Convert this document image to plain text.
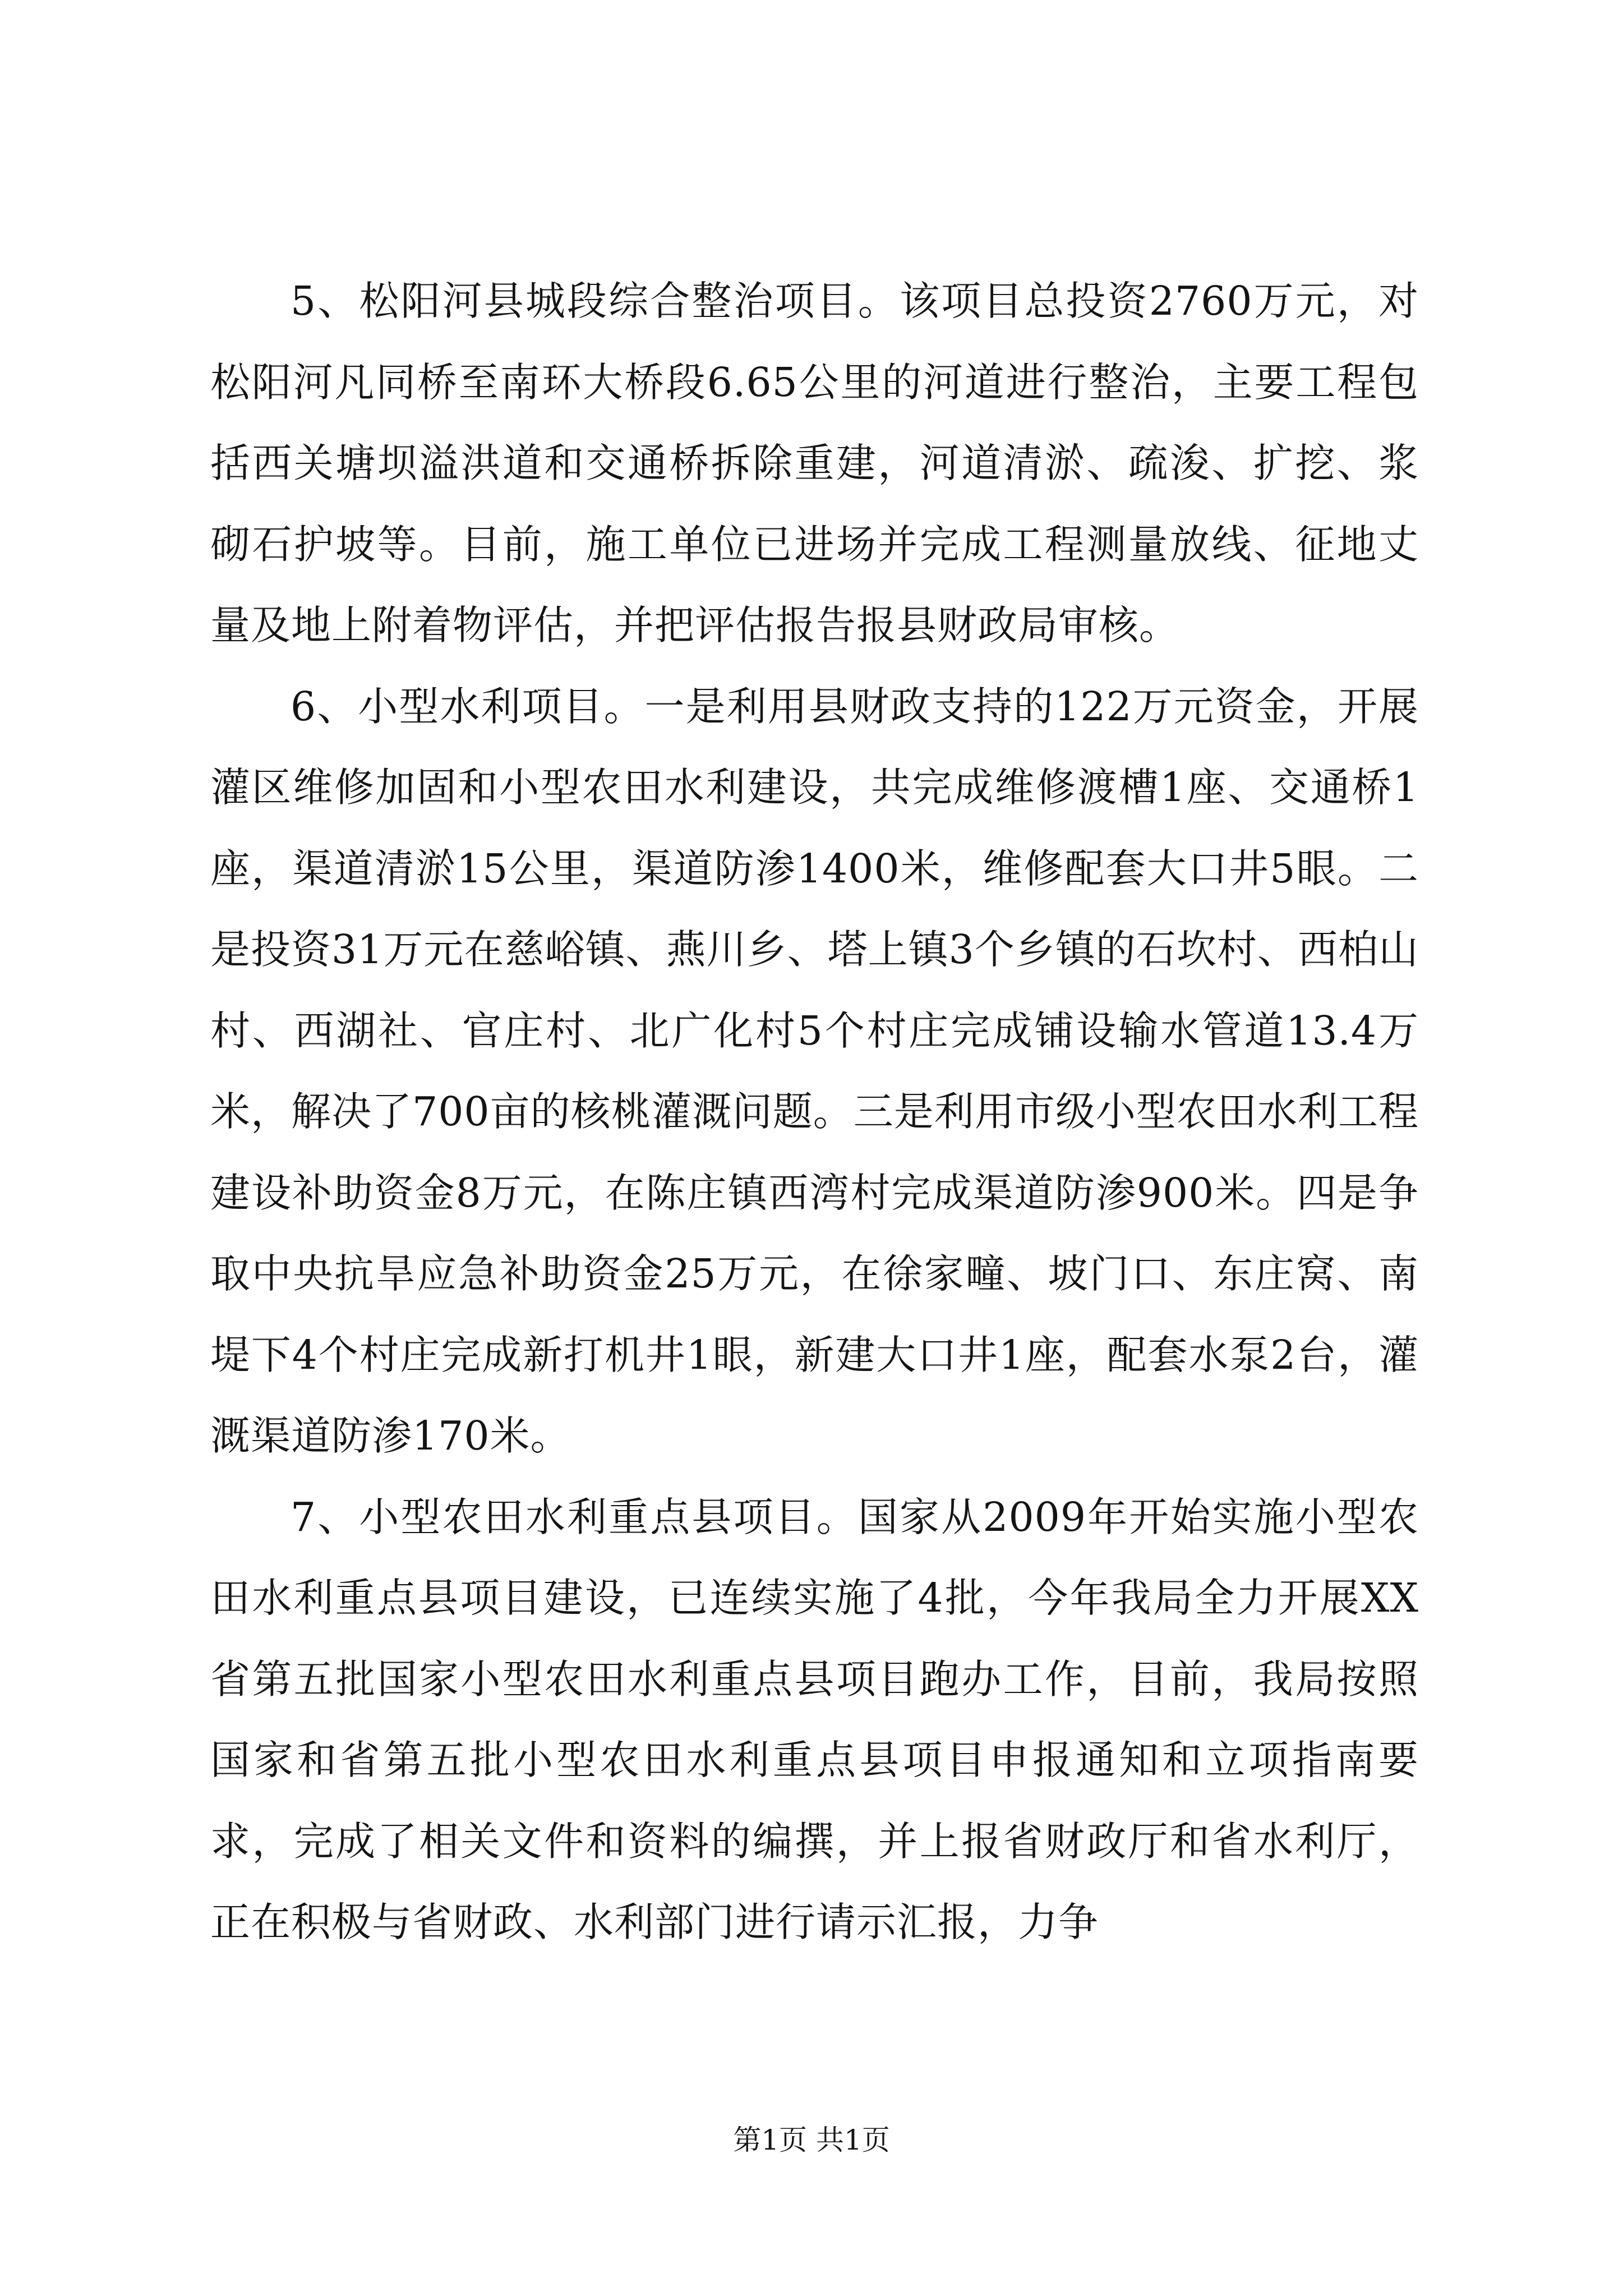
5、松阳河县城段综合整治项目。该项目总投资2760万元，对松阳河凡同桥至南环大桥段6.65公里的河道进行整治，主要工程包括西关塘坝溢洪道和交通桥拆除重建，河道清淤、疏浚、扩挖、浆砌石护坡等。目前，施工单位已进场并完成工程测量放线、征地丈量及地上附着物评估，并把评估报告报县财政局审核。

6、小型水利项目。一是利用县财政支持的122万元资金，开展灌区维修加固和小型农田水利建设，共完成维修渡槽1座、交通桥1座，渠道清淤15公里，渠道防渗1400米，维修配套大口井5眼。二是投资31万元在慈峪镇、燕川乡、塔上镇3个乡镇的石坎村、西柏山村、西湖社、官庄村、北广化村5个村庄完成铺设输水管道13.4万米，解决了700亩的核桃灌溉问题。三是利用市级小型农田水利工程建设补助资金8万元，在陈庄镇西湾村完成渠道防渗900米。四是争取中央抗旱应急补助资金25万元，在徐家疃、坡门口、东庄窝、南堤下4个村庄完成新打机井1眼，新建大口井1座，配套水泵2台，灌溉渠道防渗170米。

7、小型农田水利重点县项目。国家从2009年开始实施小型农田水利重点县项目建设，已连续实施了4批，今年我局全力开展XX省第五批国家小型农田水利重点县项目跑办工作，目前，我局按照国家和省第五批小型农田水利重点县项目申报通知和立项指南要求，完成了相关文件和资料的编撰，并上报省财政厅和省水利厅，正在积极与省财政、水利部门进行请示汇报，力争

第1页 共1页
